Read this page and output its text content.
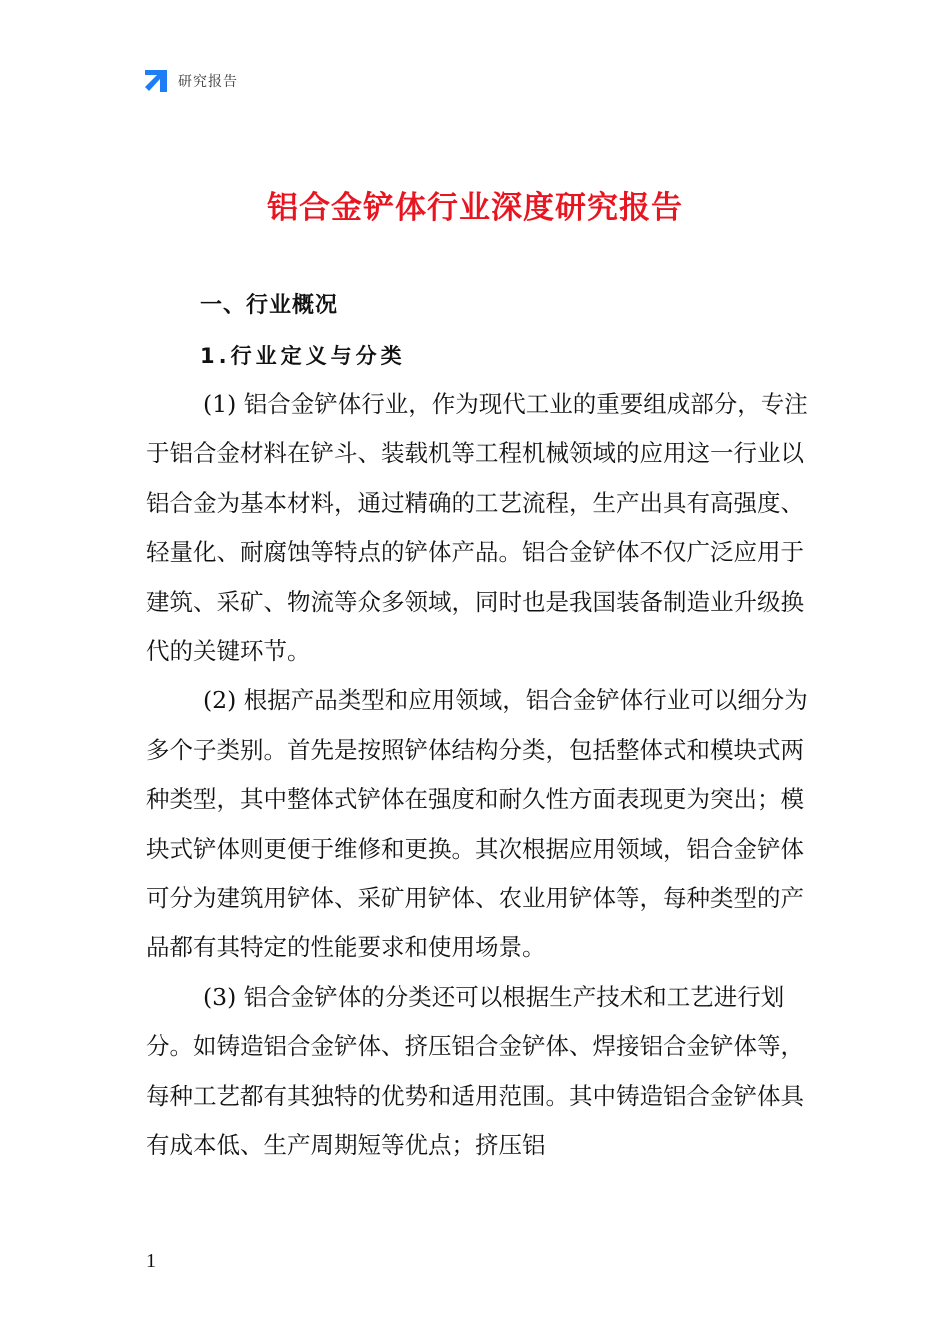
研究报告
铝合金铲体行业深度研究报告
一、行业概况
1.行业定义与分类

(1) 铝合金铲体行业，作为现代工业的重要组成部分，专注于铝合金材料在铲斗、装载机等工程机械领域的应用这一行业以铝合金为基本材料，通过精确的工艺流程，生产出具有高强度、轻量化、耐腐蚀等特点的铲体产品。铝合金铲体不仅广泛应用于建筑、采矿、物流等众多领域，同时也是我国装备制造业升级换代的关键环节。

(2) 根据产品类型和应用领域，铝合金铲体行业可以细分为多个子类别。首先是按照铲体结构分类，包括整体式和模块式两种类型，其中整体式铲体在强度和耐久性方面表现更为突出；模块式铲体则更便于维修和更换。其次根据应用领域，铝合金铲体可分为建筑用铲体、采矿用铲体、农业用铲体等，每种类型的产品都有其特定的性能要求和使用场景。

(3) 铝合金铲体的分类还可以根据生产技术和工艺进行划分。如铸造铝合金铲体、挤压铝合金铲体、焊接铝合金铲体等，每种工艺都有其独特的优势和适用范围。其中铸造铝合金铲体具有成本低、生产周期短等优点；挤压铝

1
